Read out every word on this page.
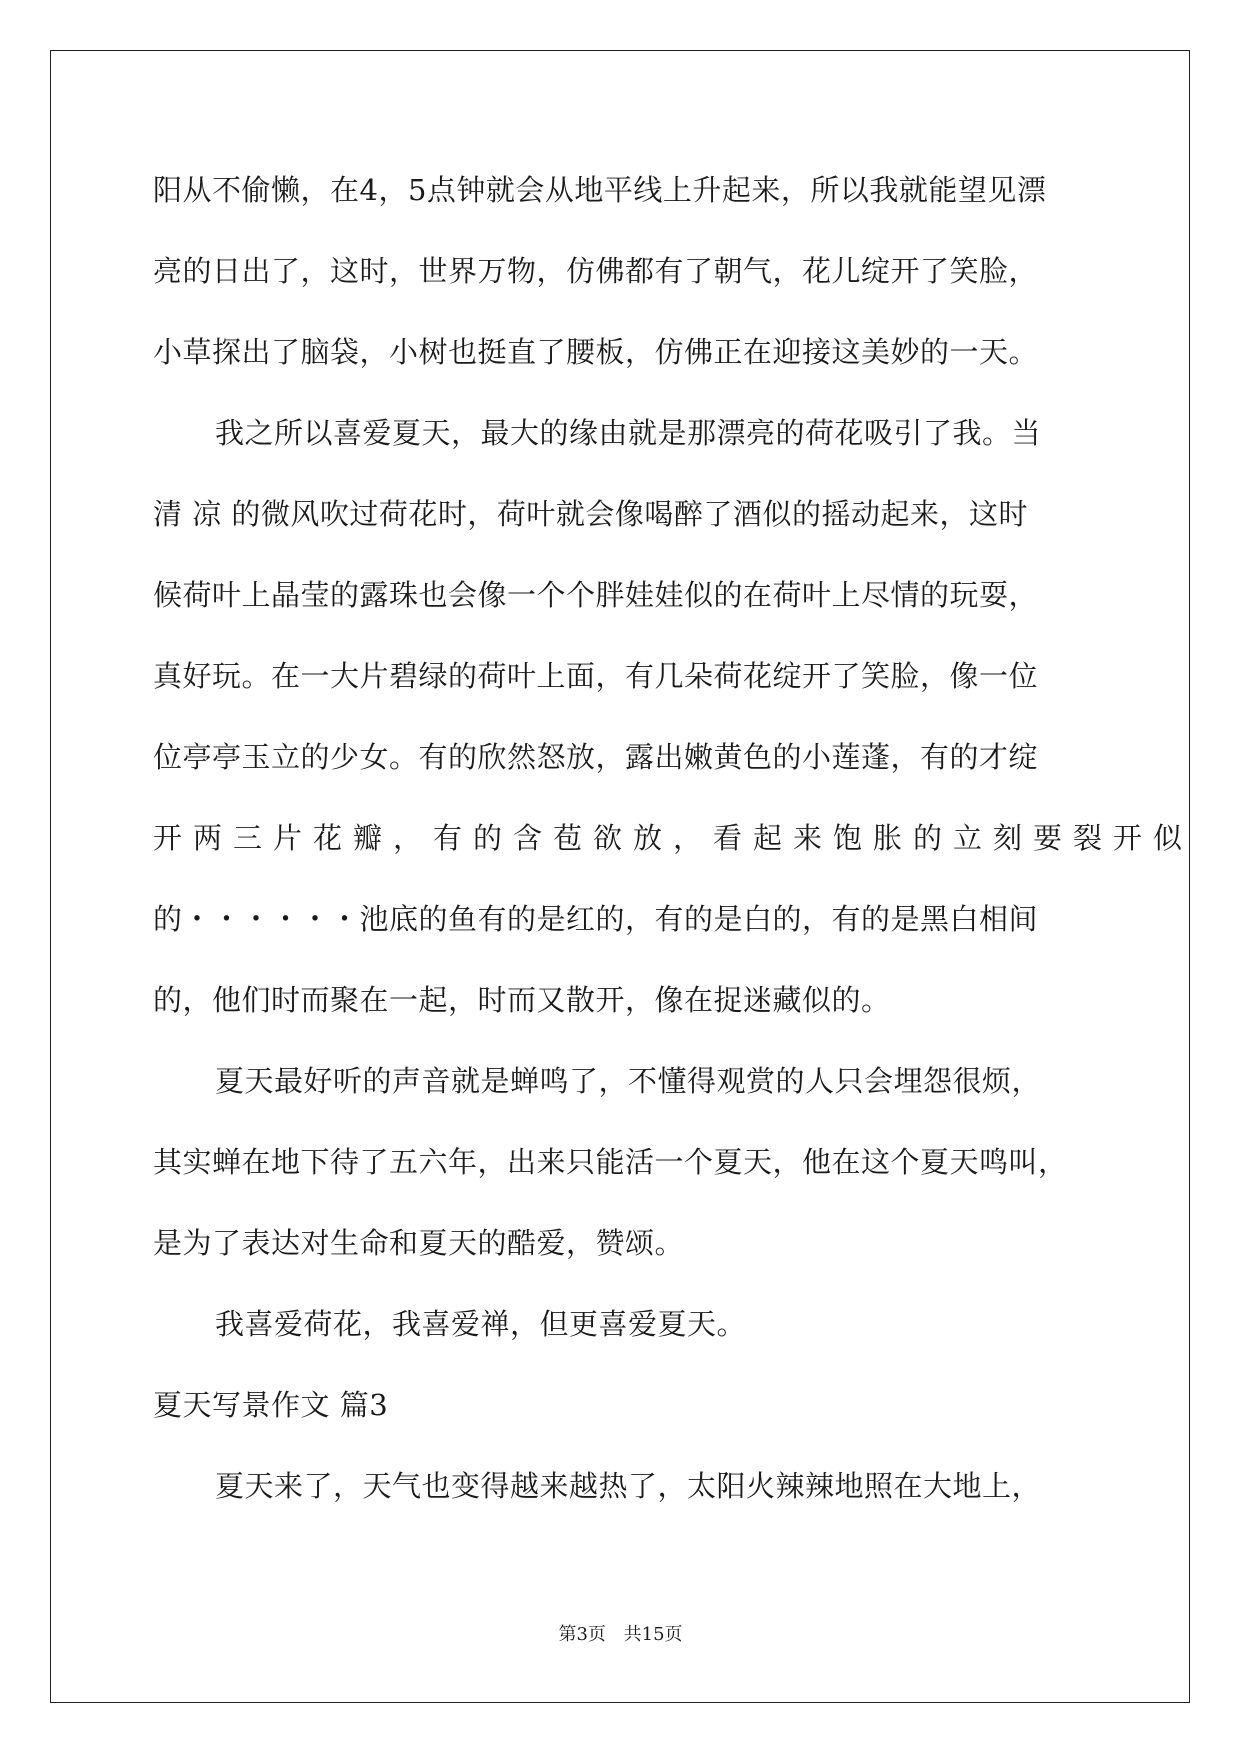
阳从不偷懒，在4，5点钟就会从地平线上升起来，所以我就能望见漂
亮的日出了，这时，世界万物，仿佛都有了朝气，花儿绽开了笑脸，
小草探出了脑袋，小树也挺直了腰板，仿佛正在迎接这美妙的一天。
我之所以喜爱夏天，最大的缘由就是那漂亮的荷花吸引了我。当
清 凉 的微风吹过荷花时，荷叶就会像喝醉了酒似的摇动起来，这时
候荷叶上晶莹的露珠也会像一个个胖娃娃似的在荷叶上尽情的玩耍，
真好玩。在一大片碧绿的荷叶上面，有几朵荷花绽开了笑脸，像一位
位亭亭玉立的少女。有的欣然怒放，露出嫩黄色的小莲蓬，有的才绽
开两三片花瓣，有的含苞欲放，看起来饱胀的立刻要裂开似
的・・・・・・池底的鱼有的是红的，有的是白的，有的是黑白相间
的，他们时而聚在一起，时而又散开，像在捉迷藏似的。
夏天最好听的声音就是蝉鸣了，不懂得观赏的人只会埋怨很烦，
其实蝉在地下待了五六年，出来只能活一个夏天，他在这个夏天鸣叫，
是为了表达对生命和夏天的酷爱，赞颂。
我喜爱荷花，我喜爱禅，但更喜爱夏天。
夏天写景作文 篇3
夏天来了，天气也变得越来越热了，太阳火辣辣地照在大地上，
第3页 共15页
